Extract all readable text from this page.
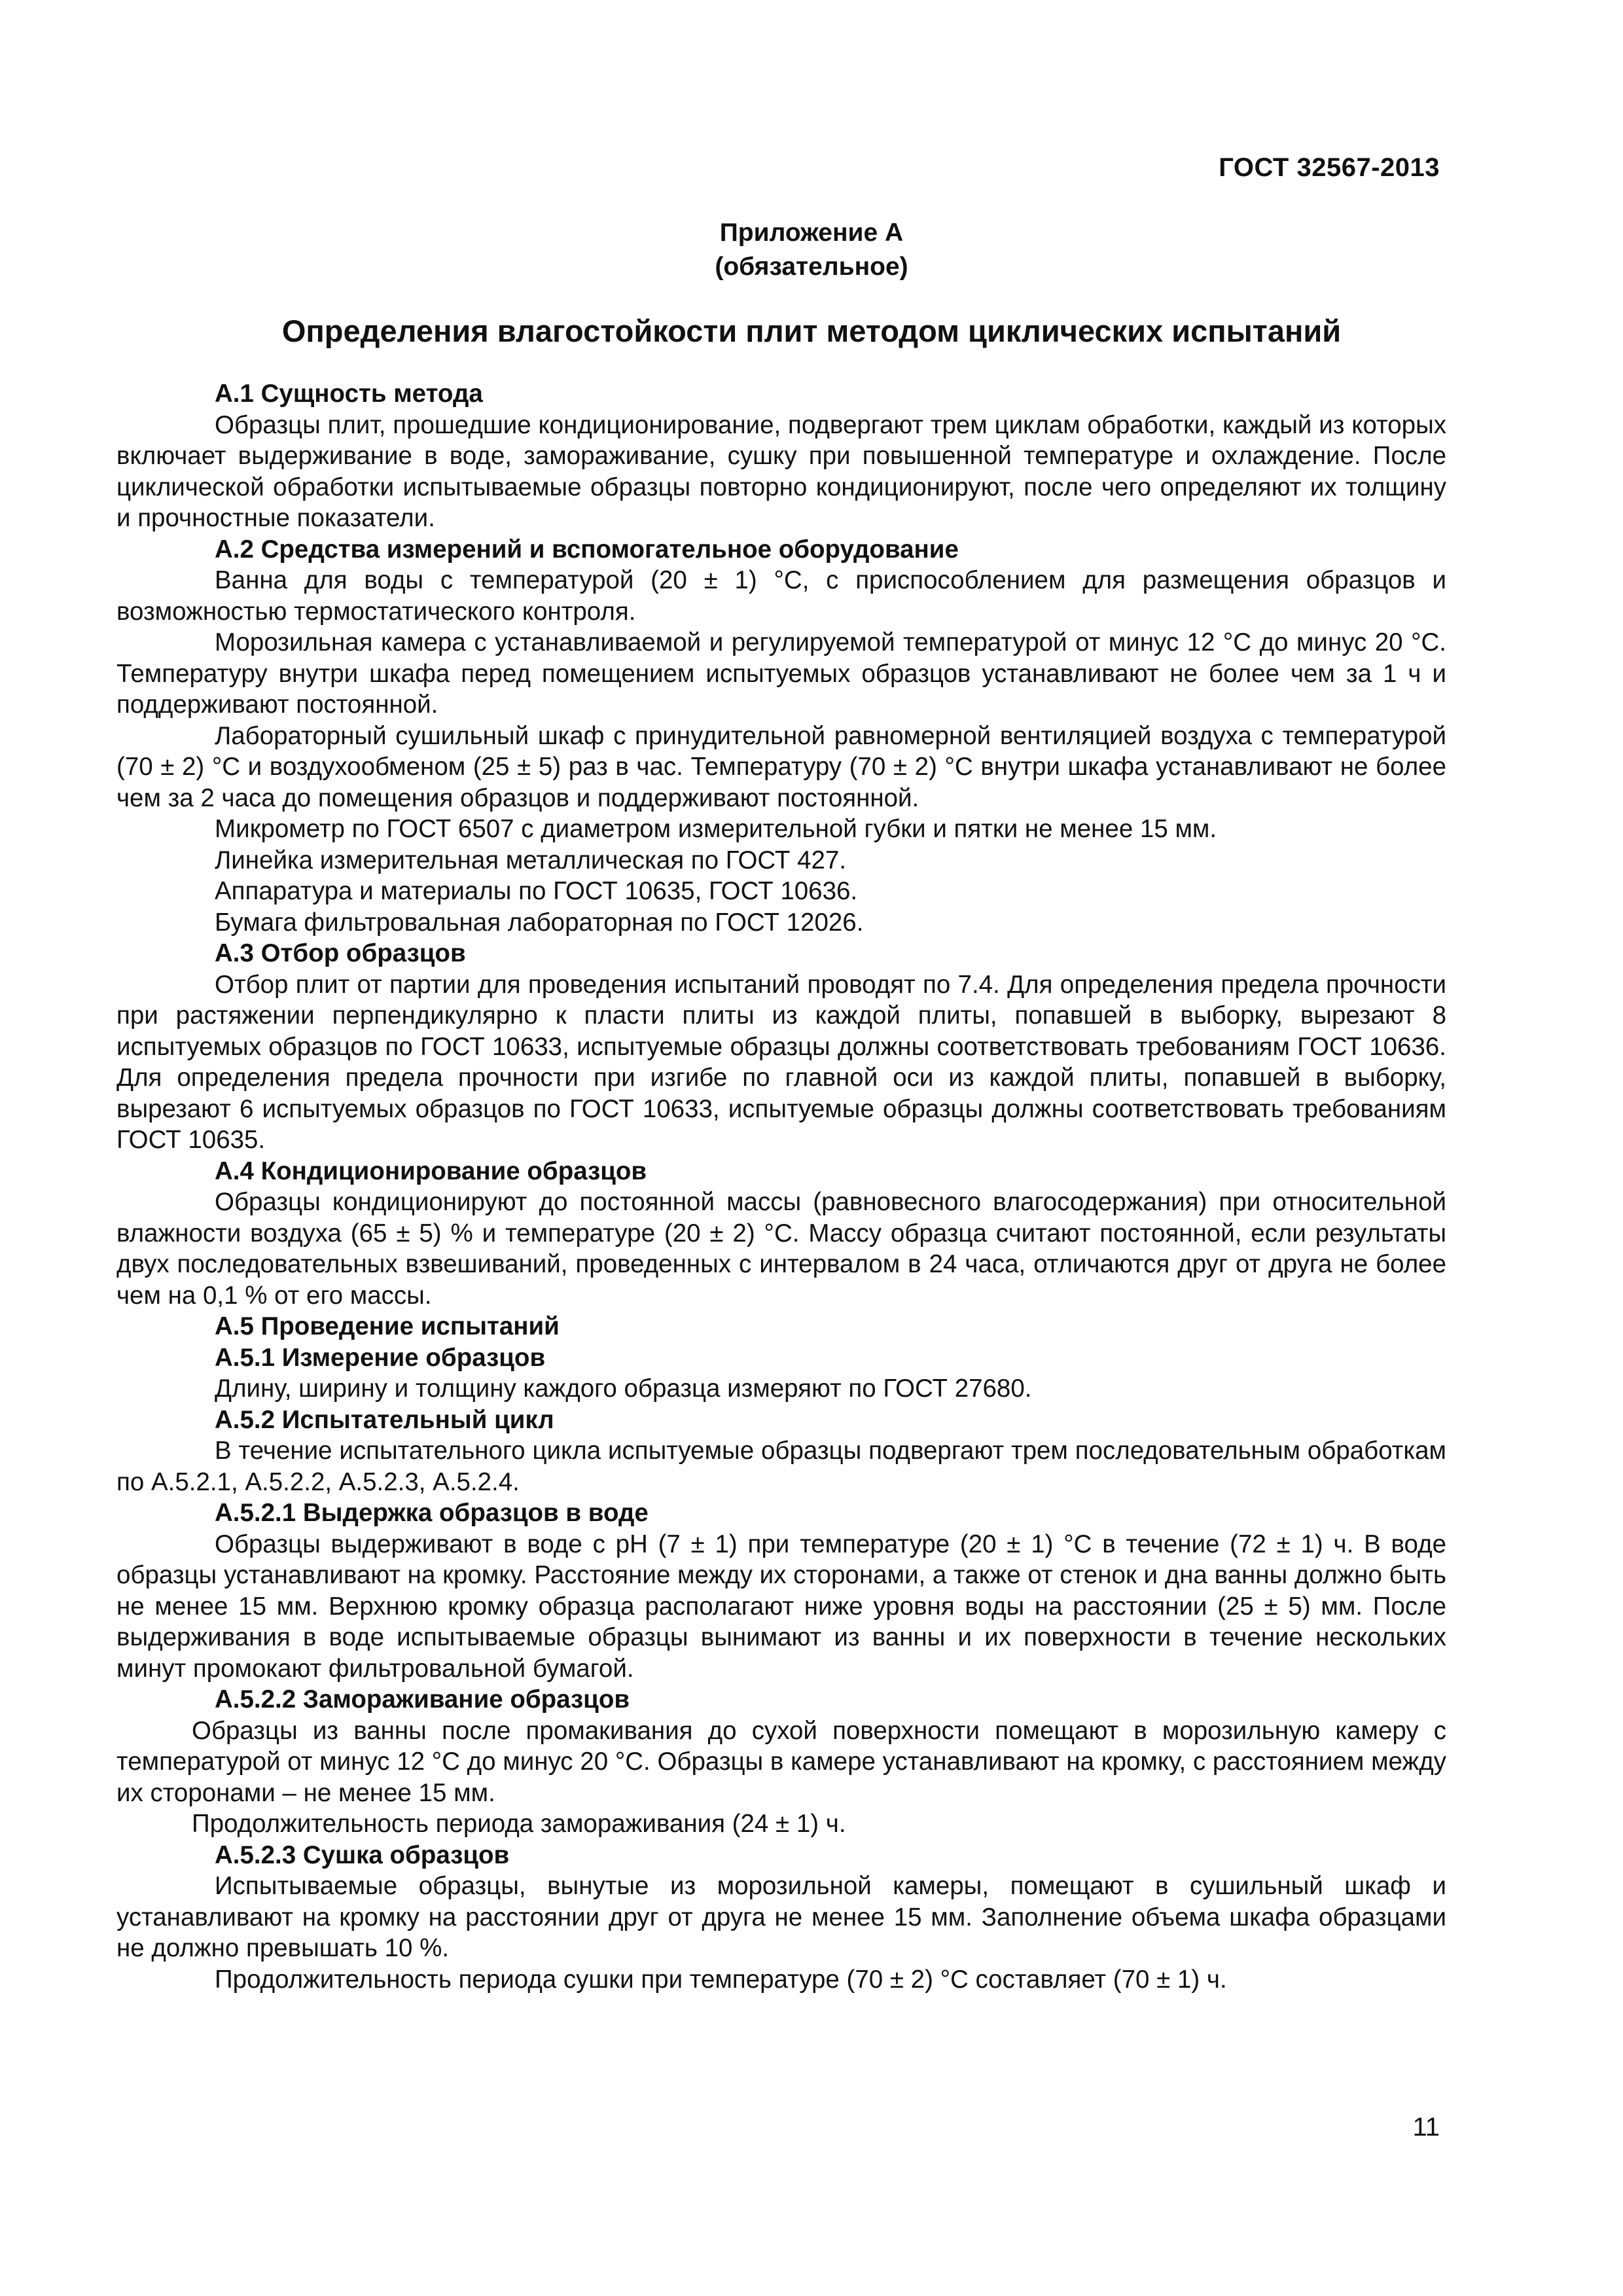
ГОСТ 32567-2013
Приложение А
(обязательное)
Определения влагостойкости плит методом циклических испытаний

А.1 Сущность метода

Образцы плит, прошедшие кондиционирование, подвергают трем циклам обработки, каждый из которых включает выдерживание в воде, замораживание, сушку при повышенной температуре и охлаждение. После циклической обработки испытываемые образцы повторно кондиционируют, после чего определяют их толщину и прочностные показатели.

А.2 Средства измерений и вспомогательное оборудование

Ванна для воды с температурой (20 ± 1) °С, с приспособлением для размещения образцов и возможностью термостатического контроля.

Морозильная камера с устанавливаемой и регулируемой температурой от минус 12 °С до минус 20 °С. Температуру внутри шкафа перед помещением испытуемых образцов устанавливают не более чем за 1 ч и поддерживают постоянной.

Лабораторный сушильный шкаф с принудительной равномерной вентиляцией воздуха с температурой (70 ± 2) °С и воздухообменом (25 ± 5) раз в час. Температуру (70 ± 2) °С внутри шкафа устанавливают не более чем за 2 часа до помещения образцов и поддерживают постоянной.

Микрометр по ГОСТ 6507 с диаметром измерительной губки и пятки не менее 15 мм.

Линейка измерительная металлическая по ГОСТ 427.

Аппаратура и материалы по ГОСТ 10635, ГОСТ 10636.

Бумага фильтровальная лабораторная по ГОСТ 12026.

А.3 Отбор образцов

Отбор плит от партии для проведения испытаний проводят по 7.4. Для определения предела прочности при растяжении перпендикулярно к пласти плиты из каждой плиты, попавшей в выборку, вырезают 8 испытуемых образцов по ГОСТ 10633, испытуемые образцы должны соответствовать требованиям ГОСТ 10636. Для определения предела прочности при изгибе по главной оси из каждой плиты, попавшей в выборку, вырезают 6 испытуемых образцов по ГОСТ 10633, испытуемые образцы должны соответствовать требованиям ГОСТ 10635.

А.4 Кондиционирование образцов

Образцы кондиционируют до постоянной массы (равновесного влагосодержания) при относительной влажности воздуха (65 ± 5) % и температуре (20 ± 2) °С. Массу образца считают постоянной, если результаты двух последовательных взвешиваний, проведенных с интервалом в 24 часа, отличаются друг от друга не более чем на 0,1 % от его массы.

А.5 Проведение испытаний

А.5.1 Измерение образцов

Длину, ширину и толщину каждого образца измеряют по ГОСТ 27680.

А.5.2 Испытательный цикл

В течение испытательного цикла испытуемые образцы подвергают трем последовательным обработкам по А.5.2.1, А.5.2.2, А.5.2.3, А.5.2.4.

А.5.2.1 Выдержка образцов в воде

Образцы выдерживают в воде с рН (7 ± 1) при температуре (20 ± 1) °С в течение (72 ± 1) ч. В воде образцы устанавливают на кромку. Расстояние между их сторонами, а также от стенок и дна ванны должно быть не менее 15 мм. Верхнюю кромку образца располагают ниже уровня воды на расстоянии (25 ± 5) мм. После выдерживания в воде испытываемые образцы вынимают из ванны и их поверхности в течение нескольких минут промокают фильтровальной бумагой.

А.5.2.2 Замораживание образцов

Образцы из ванны после промакивания до сухой поверхности помещают в морозильную камеру с температурой от минус 12 °С до минус 20 °С. Образцы в камере устанавливают на кромку, с расстоянием между их сторонами – не менее 15 мм.

Продолжительность периода замораживания (24 ± 1) ч.

А.5.2.3 Сушка образцов

Испытываемые образцы, вынутые из морозильной камеры, помещают в сушильный шкаф и устанавливают на кромку на расстоянии друг от друга не менее 15 мм. Заполнение объема шкафа образцами не должно превышать 10 %.

Продолжительность периода сушки при температуре (70 ± 2) °С составляет (70 ± 1) ч.

11
